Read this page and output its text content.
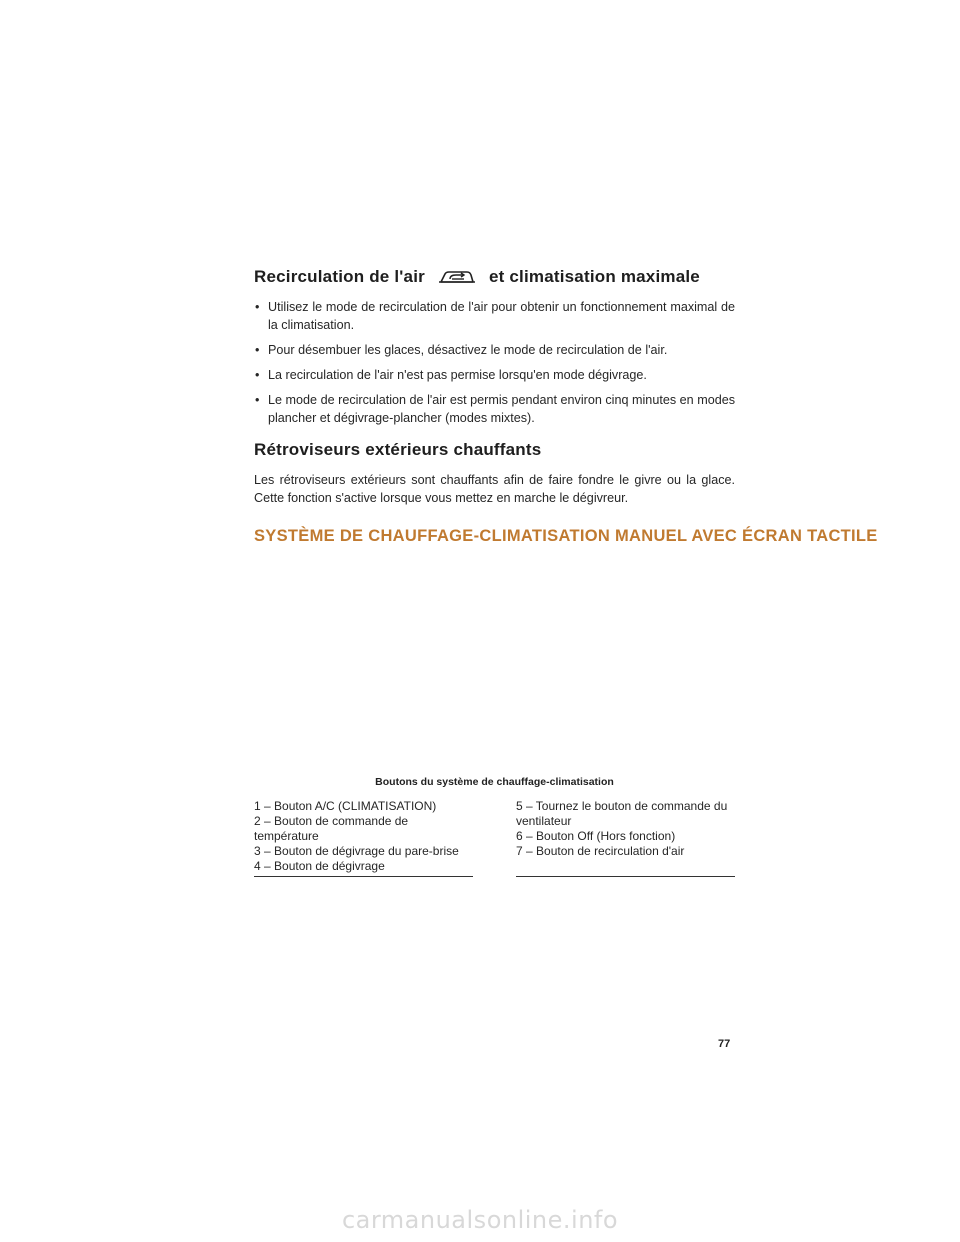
Recirculation de l'air	et climatisation maximale
• Utilisez le mode de recirculation de l'air pour obtenir un fonctionnement maximal de la climatisation.
• Pour désembuer les glaces, désactivez le mode de recirculation de l'air.
• La recirculation de l'air n'est pas permise lorsqu'en mode dégivrage.
• Le mode de recirculation de l'air est permis pendant environ cinq minutes en modes plancher et dégivrage-plancher (modes mixtes).
Rétroviseurs extérieurs chauffants

Les rétroviseurs extérieurs sont chauffants afin de faire fondre le givre ou la glace. Cette fonction s'active lorsque vous mettez en marche le dégivreur.

SYSTÈME DE CHAUFFAGE-CLIMATISATION MANUEL AVEC ÉCRAN TACTILE
Boutons du système de chauffage-climatisation
1 – Bouton A/C (CLIMATISATION)
2 – Bouton de commande de température
3 – Bouton de dégivrage du pare-brise
4 – Bouton de dégivrage
5 – Tournez le bouton de commande du ventilateur
6 – Bouton Off (Hors fonction)
7 – Bouton de recirculation d'air
77
carmanualsonline.info
